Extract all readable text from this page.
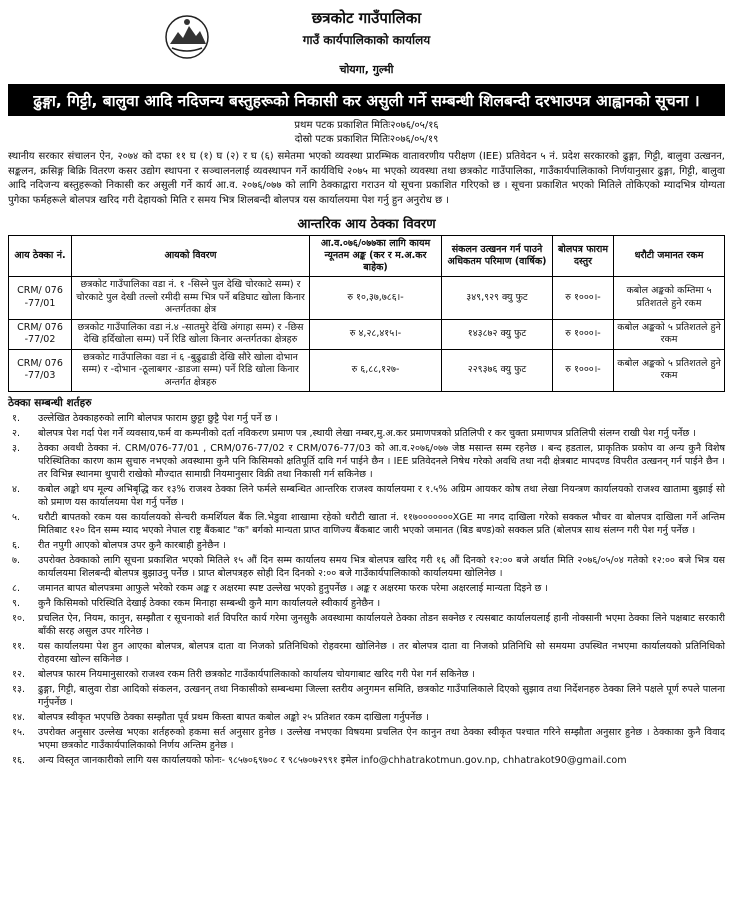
छत्रकोट गाउँपालिका
गाउँ कार्यपालिकाको कार्यालय
चोयगा, गुल्मी
ढुङ्गा, गिट्टी, बालुवा आदि नदिजन्य बस्तुहरूको निकासी कर असुली गर्ने सम्बन्धी शिलबन्दी दरभाउपत्र आह्वानको सूचना ।
प्रथम पटक प्रकाशित मितिः२०७६/०५/१६
दोस्रो पटक प्रकाशित मितिः२०७६/०५/१९

स्थानीय सरकार संचालन ऐन, २०७४ को दफा ११ घ (१) घ (२) र घ (६) समेतमा भएको व्यवस्था प्रारम्भिक वातावरणीय परीक्षण (IEE) प्रतिवेदन ५ नं. प्रदेश सरकारको ढुङ्गा, गिट्टी, बालुवा उत्खनन, सङ्कलन, क्रसिङ्ग बिक्रि वितरण कसर उद्योग स्थापना र सञ्चालनलाई व्यवस्थापन गर्ने कार्यविधि २०७५ मा भएको व्यवस्था तथा छत्रकोट गाउँपालिका, गाउँकार्यपालिकाको निर्णयानुसार ढुङ्गा, गिट्टी, बालुवा आदि नदिजन्य बस्तुहरूको निकासी कर असुली गर्ने कार्य आ.व. २०७६/०७७ को लागि ठेक्काद्वारा गराउन यो सूचना प्रकाशित गरिएको छ । सूचना प्रकाशित भएको मितिले तोकिएको म्यादभित्र योग्यता पुगेका फर्महरूले बोलपत्र खरिद गरी देहायको मिति र समय भित्र शिलबन्दी बोलपत्र यस कार्यालयमा पेश गर्नु हुन अनुरोध छ ।

आन्तरिक आय ठेक्का विवरण
आय ठेक्का नं.	आयको विवरण	आ.व.०७६/०७७का लागि कायम न्यूनतम अङ्क (कर र म.अ.कर बाहेक)	संकलन उत्खनन गर्न पाउने अधिकतम परिमाण (वार्षिक)	बोलपत्र फाराम दस्तुर	धरौटी जमानत रकम
CRM/ 076 -77/01	छत्रकोट गाउँपालिका वडा नं. १ -सिस्ने पुल देखि चोरकाटे सम्म) र चोरकाटे पुल देखी तल्लो रमीदी सम्म भित्र पर्ने बडिघाट खोला किनार अन्तर्गतका क्षेत्र	रु १०,३७,७८६।-	३४९,९२९ क्यु फुट	रु १०००।-	कबोल अङ्कको कम्तिमा ५ प्रतिशतले हुने रकम
CRM/ 076 -77/02	छत्रकोट गाउँपालिका वडा नं.४ -सातमुरे देखि अंगाहा सम्म) र -छिस देखि हर्दिखोला सम्म) पर्ने रिडि खोला किनार अन्तर्गतका क्षेत्रहरु	रु ४,२८,४१५।-	१४३८७२ क्यु फुट	रु १०००।-	कबोल अङ्कको ५ प्रतिशतले हुने रकम
CRM/ 076 -77/03	छत्रकोट गाउँपालिका वडा नं ६ -बुढुढाडी देखि सौरे खोला दोभान सम्म) र -दोभान -ठूलाबगर -डाडजा सम्म) पर्ने रिडि खोला किनार अन्तर्गत क्षेत्रहरु	रु ६,८८,१२७-	२२९३७६ क्यु फुट	रु १०००।-	कबोल अङ्कको ५ प्रतिशतले हुने रकम
ठेक्का सम्बन्धी शर्तहरु
१.	उल्लेखित ठेक्काहरुको लागि बोलपत्र फाराम छुट्टा छुट्टै पेश गर्नु पर्ने छ ।
२.	बोलपत्र पेश गर्दा पेश गर्ने व्यवसाय,फर्म वा कम्पनीको दर्ता नविकरण प्रमाण पत्र ,स्थायी लेखा नम्बर,मु.अ.कर प्रमाणपत्रको प्रतिलिपी र कर चुक्ता प्रमाणपत्र प्रतिलिपी संलग्न राखी पेश गर्नु पर्नेछ ।
३.	ठेक्का अवधी ठेक्का नं. CRM/076-77/01 , CRM/076-77/02 र CRM/076-77/03 को आ.व.२०७६/०७७ जेष्ठ मसान्त सम्म रहनेछ । बन्द हडताल, प्राकृतिक प्रकोप वा अन्य कुनै विशेष परिस्थितिका कारण काम सुचारु नभएको अवस्थामा कुनै पनि किसिमको क्षतिपूर्ति दावि गर्न पाईने छैन । IEE प्रतिवेदनले निषेध गरेको अवधि तथा नदी क्षेत्रबाट मापदण्ड विपरीत उत्खनन् गर्न पाईने छैन । तर विभिन्न स्थानमा थुपारी राखेको मौज्दात सामाग्री नियमानुसार विक्री तथा निकासी गर्न सकिनेछ ।
४.	कबोल अङ्को थप मूल्य अभिबृद्धि कर १३% राजश्व ठेक्का लिने फर्मले सम्बन्धित आन्तरिक राजश्व कार्यालयमा र १.५% अग्रिम आयकर कोष तथा लेखा नियन्त्रण कार्यालयको राजश्व खातामा बुझाई सो को प्रमाण यस कार्यालयमा पेश गर्नु पर्नेछ ।
५.	धरौटी बापतको रकम यस कार्यालयको सेन्चरी कमर्शियल बैंक लि.भेडुवा शाखामा रहेको धरौटी खाता नं. ११७०००००००XGE मा नगद दाखिला गरेको सक्कल भौचर वा बोलपत्र दाखिला गर्ने अन्तिम मितिबाट १२० दिन सम्म म्याद भएको नेपाल राष्ट्र बैंकबाट "क" बर्गको मान्यता प्राप्त वाणिज्य बैंकबाट जारी भएको जमानत (बिड बण्ड)को सक्कल प्रति (बोलपत्र साथ संलग्न गरी पेश गर्नु पर्नेछ ।
६.	रीत नपुगी आएको बोलपत्र उपर कुनै कारबाही हुनेछैन ।
७.	उपरोक्त ठेक्काको लागि सूचना प्रकाशित भएको मितिले १५ औं दिन सम्म कार्यालय समय भित्र बोलपत्र खरिद गरी १६ औं दिनको १२:०० बजे अर्थात मिति २०७६/०५/०४ गतेको १२:०० बजे भित्र यस कार्यालयमा शिलबन्दी बोलपत्र बुझाउनु पर्नेछ । प्राप्त बोलपत्रहरु सोही दिन दिनको २:०० बजे गाउँकार्यपालिकाको कार्यालयमा खोलिनेछ ।
८.	जमानत बापत बोलपत्रमा आफुले भरेको रकम अङ्क र अक्षरमा स्पष्ट उल्लेख भएको हुनुपर्नेछ । अङ्क र अक्षरमा फरक परेमा अक्षरलाई मान्यता दिइने छ ।
९.	कुनै किसिमको परिस्थिति देखाई ठेक्का रकम मिनाहा सम्बन्धी कुनै माग कार्यालयले स्वीकार्य हुनेछैन ।
१०.	प्रचलित ऐन, नियम, कानुन, सम्झौता र सूचनाको शर्त विपरित कार्य गरेमा जुनसुकै अवस्थामा कार्यालयले ठेक्का तोडन सक्नेछ र त्यसबाट कार्यालयलाई हानी नोक्सानी भएमा ठेक्का लिने पक्षबाट सरकारी बाँकी सरह असुल उपर गरिनेछ ।
११.	यस कार्यालयमा पेश हुन आएका बोलपत्र, बोलपत्र दाता वा निजको प्रतिनिधिको रोहवरमा खोलिनेछ । तर बोलपत्र दाता वा निजको प्रतिनिधि सो समयमा उपस्थित नभएमा कार्यालयको प्रतिनिधिको रोहवरमा खोल्न सकिनेछ ।
१२.	बोलपत्र फारम नियमानुसारको राजश्व रकम तिरी छत्रकोट गाउँकार्यपालिकाको कार्यालय चोयगाबाट खरिद गरी पेश गर्न सकिनेछ ।
१३.	ढुङ्गा, गिट्टी, बालुवा रोडा आदिको संकलन, उत्खनन् तथा निकासीको सम्बन्धमा जिल्ला स्तरीय अनुगमन समिति, छत्रकोट गाउँपालिकाले दिएको सुझाव तथा निर्देशनहरु ठेक्का लिने पक्षले पूर्ण रुपले पालना गर्नुपर्नेछ ।
१४.	बोलपत्र स्वीकृत भएपछि ठेक्का सम्झौता पूर्व प्रथम किस्ता बापत कबोल अङ्को २५ प्रतिशत रकम दाखिला गर्नुपर्नेछ ।
१५.	उपरोक्त अनुसार उल्लेख भएका शर्तहरुको हकमा सर्त अनुसार हुनेछ । उल्लेख नभएका विषयमा प्रचलित ऐन कानुन तथा ठेक्का स्वीकृत पश्चात गरिने सम्झौता अनुसार हुनेछ । ठेक्काका कुनै विवाद भएमा छत्रकोट गाउँकार्यपालिकाको निर्णय अन्तिम हुनेछ ।
१६.	अन्य विस्तृत जानकारीको लागि यस कार्यालयको फोनः- ९८५७०६९७०८ र ९८५७०७२९९१ इमेल info@chhatrakotmun.gov.np, chhatrakot90@gmail.com
